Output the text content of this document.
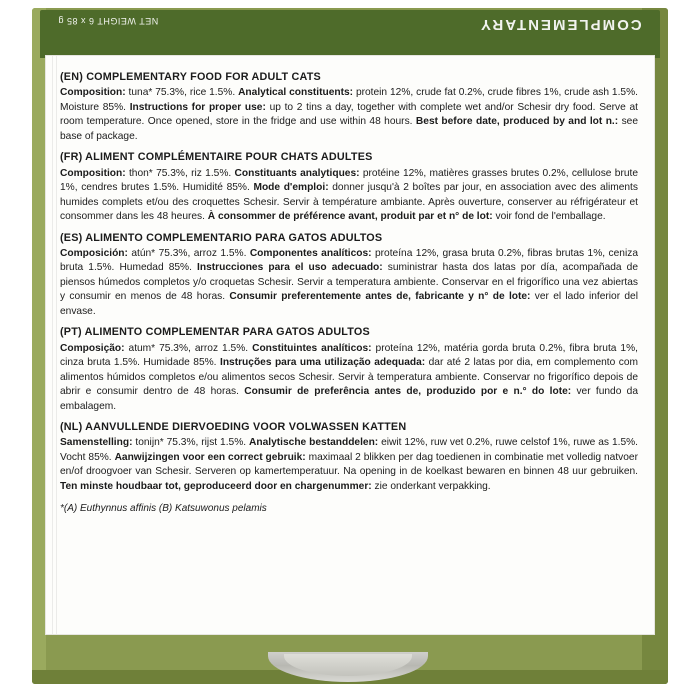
NET WEIGHT 6 x 85 g	COMPLEMENTARY
(EN) COMPLEMENTARY FOOD FOR ADULT CATS
Composition: tuna* 75.3%, rice 1.5%. Analytical constituents: protein 12%, crude fat 0.2%, crude fibres 1%, crude ash 1.5%. Moisture 85%. Instructions for proper use: up to 2 tins a day, together with complete wet and/or Schesir dry food. Serve at room temperature. Once opened, store in the fridge and use within 48 hours. Best before date, produced by and lot n.: see base of package.
(FR) ALIMENT COMPLÉMENTAIRE POUR CHATS ADULTES
Composition: thon* 75.3%, riz 1.5%. Constituants analytiques: protéine 12%, matières grasses brutes 0.2%, cellulose brute 1%, cendres brutes 1.5%. Humidité 85%. Mode d'emploi: donner jusqu'à 2 boîtes par jour, en association avec des aliments humides complets et/ou des croquettes Schesir. Servir à température ambiante. Après ouverture, conserver au réfrigérateur et consommer dans les 48 heures. À consommer de préférence avant, produit par et n° de lot: voir fond de l'emballage.
(ES) ALIMENTO COMPLEMENTARIO PARA GATOS ADULTOS
Composición: atún* 75.3%, arroz 1.5%. Componentes analíticos: proteína 12%, grasa bruta 0.2%, fibras brutas 1%, ceniza bruta 1.5%. Humedad 85%. Instrucciones para el uso adecuado: suministrar hasta dos latas por día, acompañada de piensos húmedos completos y/o croquetas Schesir. Servir a temperatura ambiente. Conservar en el frigorífico una vez abiertas y consumir en menos de 48 horas. Consumir preferentemente antes de, fabricante y n° de lote: ver el lado inferior del envase.
(PT) ALIMENTO COMPLEMENTAR PARA GATOS ADULTOS
Composição: atum* 75.3%, arroz 1.5%. Constituintes analíticos: proteína 12%, matéria gorda bruta 0.2%, fibra bruta 1%, cinza bruta 1.5%. Humidade 85%. Instruções para uma utilização adequada: dar até 2 latas por dia, em complemento com alimentos húmidos completos e/ou alimentos secos Schesir. Servir à temperatura ambiente. Conservar no frigorífico depois de abrir e consumir dentro de 48 horas. Consumir de preferência antes de, produzido por e n.° do lote: ver fundo da embalagem.
(NL) AANVULLENDE DIERVOEDING VOOR VOLWASSEN KATTEN
Samenstelling: tonijn* 75.3%, rijst 1.5%. Analytische bestanddelen: eiwit 12%, ruw vet 0.2%, ruwe celstof 1%, ruwe as 1.5%. Vocht 85%. Aanwijzingen voor een correct gebruik: maximaal 2 blikken per dag toedienen in combinatie met volledig natvoer en/of droogvoer van Schesir. Serveren op kamertemperatuur. Na opening in de koelkast bewaren en binnen 48 uur gebruiken. Ten minste houdbaar tot, geproduceerd door en chargenummer: zie onderkant verpakking.
*(A) Euthynnus affinis (B) Katsuwonus pelamis
